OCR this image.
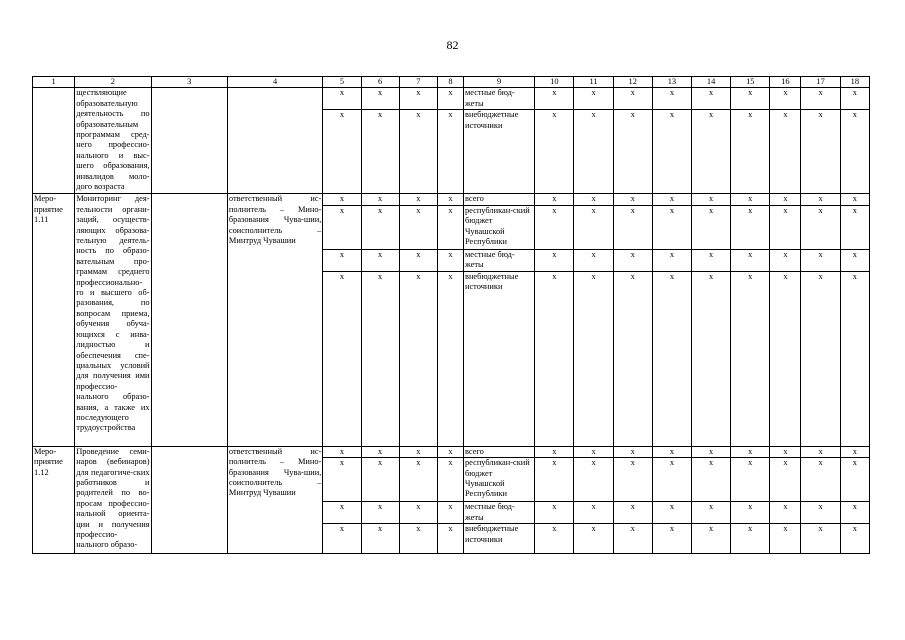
82
1	2	3	4	5	6	7	8	9	10	11	12	13	14	15	16	17	18
	ществляющие образовательную деятельность по образовательным программам сред-него профессио-нального и выс-шего образования, инвалидов моло-дого возраста			х	х	х	х	местные бюд-жеты	х	х	х	х	х	х	х	х	х
				х	х	х	х	внебюджетные источники	х	х	х	х	х	х	х	х	х
Меро-приятие 1.11	Мониторинг дея-тельности органи-заций, осуществ-ляющих образова-тельную деятель-ность по образо-вательным про-граммам среднего профессионально-го и высшего об-разования, по вопросам приема, обучения обуча-ющихся с инва-лидностью и обеспечения спе-циальных условий для получения ими профессио-нального образо-вания, а также их последующего трудоустройства		ответственный ис-полнитель – Мино-бразования Чува-шии, соисполнитель – Минтруд Чувашии	х	х	х	х	всего	х	х	х	х	х	х	х	х	х
				х	х	х	х	республикан-ский бюджет Чувашской Республики	х	х	х	х	х	х	х	х	х
				х	х	х	х	местные бюд-жеты	х	х	х	х	х	х	х	х	х
				х	х	х	х	внебюджетные источники	х	х	х	х	х	х	х	х	х
Меро-приятие 1.12	Проведение семи-наров (вебинаров) для педагогиче-ских работников и родителей по во-просам профессио-нальной ориента-ции и получения профессио-нального образо-		ответственный ис-полнитель – Мино-бразования Чува-шии, соисполнитель – Минтруд Чувашии	х	х	х	х	всего	х	х	х	х	х	х	х	х	х
				х	х	х	х	республикан-ский бюджет Чувашской Республики	х	х	х	х	х	х	х	х	х
				х	х	х	х	местные бюд-жеты	х	х	х	х	х	х	х	х	х
				х	х	х	х	внебюджетные источники	х	х	х	х	х	х	х	х	х
